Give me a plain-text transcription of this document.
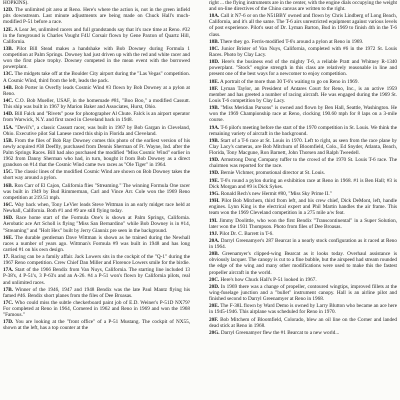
HOPKINS).

12D. The unlimited pit area at Reno. Here's where the action is, not in the green infield pits downstream. Last minute adjustments are being made on Chuck Hall's much-modified P-51 before a race.

12E. A Lear Jet, unlimited racers and full grandstands say that it's race time at Reno. #32 in the foreground is Charles Vought F4U Corsair flown by Gene Paxton of Quartz Hill, California.

13B. Pilot Bill Stead makes a handshake with Bob Downey during Formula 1 competition at Palm Springs. Downey had just driven up with the red and white racer and won the first place trophy. Downey competed in the mean event with the borrowed powerplant.

13C. The midgets take off at the Boulder City airport during the "Las Vegas" competition. A Cosmic Wind, third from the left, leads the pack.

14B. Bob Porter in Overfly leads Cosmic Wind #3 flown by Bob Downey at a pylon at Reno.

14C. C.O. Bob Mueller, USAF, in the homemade #81, "Boo Boo," a modified Cassutt. This ship was built in 1967 by Marion Baker and Associates, Hurst, Ohio.

14D. Bill Falck and "Rivets" pose for photographer Al Chute. Falck is an airport operator from Warwick, N.Y. and first raced in Cleveland back in 1948.

15A. "Devil's", a classic Cassutt racer, was built in 1967 by Bob Gargan in Cleveland, Ohio. Executive pilot Sal Lanese raced this ship in Florida and Cleveland.

15B. From the files of Bob Ray Downey comes this photo of the earliest version of his newly acquired #38 Deeflly, purchased from Dennis Sherman of Ft. Wayne, Ind. after the Palm Springs Races. Bill had also purchased the modified "Miss Cosmic Wind" earlier in 1962 from Danny Sherman who had, in turn, bought it from Bob Downey as a direct grandson on #14 that the Cosmic Wind came two races as "Ole Tiger" in 1964.

15C. The classic lines of the modified Cosmic Wind are shown on Bob Downey takes the short way around a pylon.

16B. Ron Carr of El Cajon, California flies "Streaming." The winning Formula One racer was built in 1949 by Bud Rimmerman, Carl and Vince Arr. Cole won the 1969 Reno competition at 219.51 mph.

16C. Way back when, Tony LeVier leads Steve Wittman in an early midget race held at Newhall, California. Both #1 and #9 are still flying today.

16D. Race home start of the Formula One's is shown at Palm Springs, California. Aerobatic ace Art Scholl is flying "Miss San Bernardino" while Bob Downey is in #14, "Streaming" and "Holt Hex" built by Jerry Gianniz pre seen in the background.

16E. The durable gentleman Dave Wittman is shown as he trained during the Newhall races a number of years ago. Wittman's Formula #9 was built in 1948 and has long carried #1 on his own design.

17. Racing can be a family affair. Jack Lowers sits in the cockpit of the "Q-1" during the 1967 Reno competition. Crew Chief Dan Miller and Florence Lowers smile for the birdie.

17A. Start of the 1966 Bendix from Van Nuys, California. The starting line included 13 P-38's, 4 P-51's, 3 P-63's and an A-26. #4 a P-51 won's flown by California pilots, real and unlimited races.

17B. Winner of the 1946, 1947 and 1948 Bendix was the late Paul Mantz flying his famed #46. Bendix short planes from the files of Dee Broasas.

17C. Who could miss the subtle checkerboard paint job of E.D. Weiner's P-51D NX79? For completed at Reno in 1964, Cornered in 1962 and Reno in 1969 and won the 1968 "Famous."

17D. You are looking at the "front office" of a P-51 Mustang. The cockpit of NX55, shown at the left, has a top counter at the

right ... the flying instruments are in the center, with the engine dials occupying the weight and on-line directives of the Chino canvas are written to the right.

18A. Call it N7-6 or on the N51BBY owned and flown by Chris Lindberg of Long Beach, California, and it's all the same. The T-6 airs unrestricted equipment against various levels of post experience. Pilot's seat of Dr. Lyman Barton, Bud in 1969 to finish 4th in the T-6 class.

18B. There they go. Ferris-modified T-6's around a pylon at Reno in 1969.

18C. Junior Brister of Van Nuys, California, completed with #6 in the 1972 St. Louis Races. Photo by Clay Lacy.

18D. Here's the business end of the mighty T-6, a reliable Pratt and Whitney R-1340 powerplant. "Stock" engine strength in this class are relatively reasonable in line and present one of the best ways for a newcomer to enjoy competition.

18E. A portrait of the more than 30 T-6's waiting to go on Reno in 1969.

18F. Lyman Taylor, an President of Antares Court for Reno, Inc., is an active 1959 member and has greeted a number of racing aircraft. He was engaged during the 1969 St. Louis T-6 competition by Clay Lacy.

19B. "Miss Meridian Parsons" is owned and flown by Ben Hall, Seattle, Washington. He won the 1969 Championship race at Reno, clocking 190.60 mph for 8 laps on a 3-mile course.

19A. T-6 pilot's meeting before the start of the 1970 competition in St. Louis. We think the remaining variety of aircraft in the background.

19B. Start of a T-6 race at St. Louis in 1970. Left to right, as seen from the race plane by Clay Lacy's cameras, are Bob Mitchum of Bloomfield, Colo., Ed Snyder, Atlanta, Beach, Florida, Tony Macgune, Ron Barnett, John Thorsen and Ralph Tweedell.

19D. Armstrong Dong Company tuffer to the crowd of the 1970 St. Louis T-6 race. The chairmen was reported for the race.

19D. Bernie Vichmer, promotional director at St. Louis.

19E. T-6's round a pylon during an exhibition race at Reno in 1968. #1 is Ben Hall; #3 is Dick Morgan and #9 is Dick Sykes.

19G. Ronald Rech's new Hermit #80, "Miss Sky Prime II."

19H. Pilot Bob Mitchem, third from left, and his crew chief, Dick DeMont, left, handle engines. Lynn King is the electrical expert and Phil Martin handles the air frame. This team won the 1969 Cleveland competition in a 275 mile a/w feat.

19I. Jimmy Doolittle, who won the first Bendix "Transcontinental" in a Super Solution, later won the 1931 Thompson. Photo from files of Dee Broasas.

19J. Pilot Dr. C. Barrett in T-6.

20A. Darryl Greenamyer's 287 Bearcat in a nearly stock configuration as it raced at Reno in 1964.

20B. Greenamyer's clipped-wing Bearcat as it looks today. Overhaul assistance is obviously lacquer. The canopy is cut to a fine bubble, but the airspeed had stream rounded the edge of the wing and many other modifications were used to make this the fastest propeller aircraft in the world.

20C. Here's how Chuck Hall's P-51 looked in 1967.

20D. In 1969 there was a change of propeller, contoured wingtips, improved fillets at the wing-fuselage junction and a "bullet" instrument canopy. Hall is an airline pilot and finished second to Darryl Greenamyer at Reno in 1968.

20E. The F-38L flown by Ward Demo is owned by Larry Blutton who became an ace here in 1945-1946. This airplane was scheduled for Reno in 1970.

20F. Bob Mitchem of Bloomfield, Colorado, blew an oil line on the Corner and landed dead stick at Reno in 1968.

20G. Darryl Greenamyer flew the #1 Bearcat to a new world...
